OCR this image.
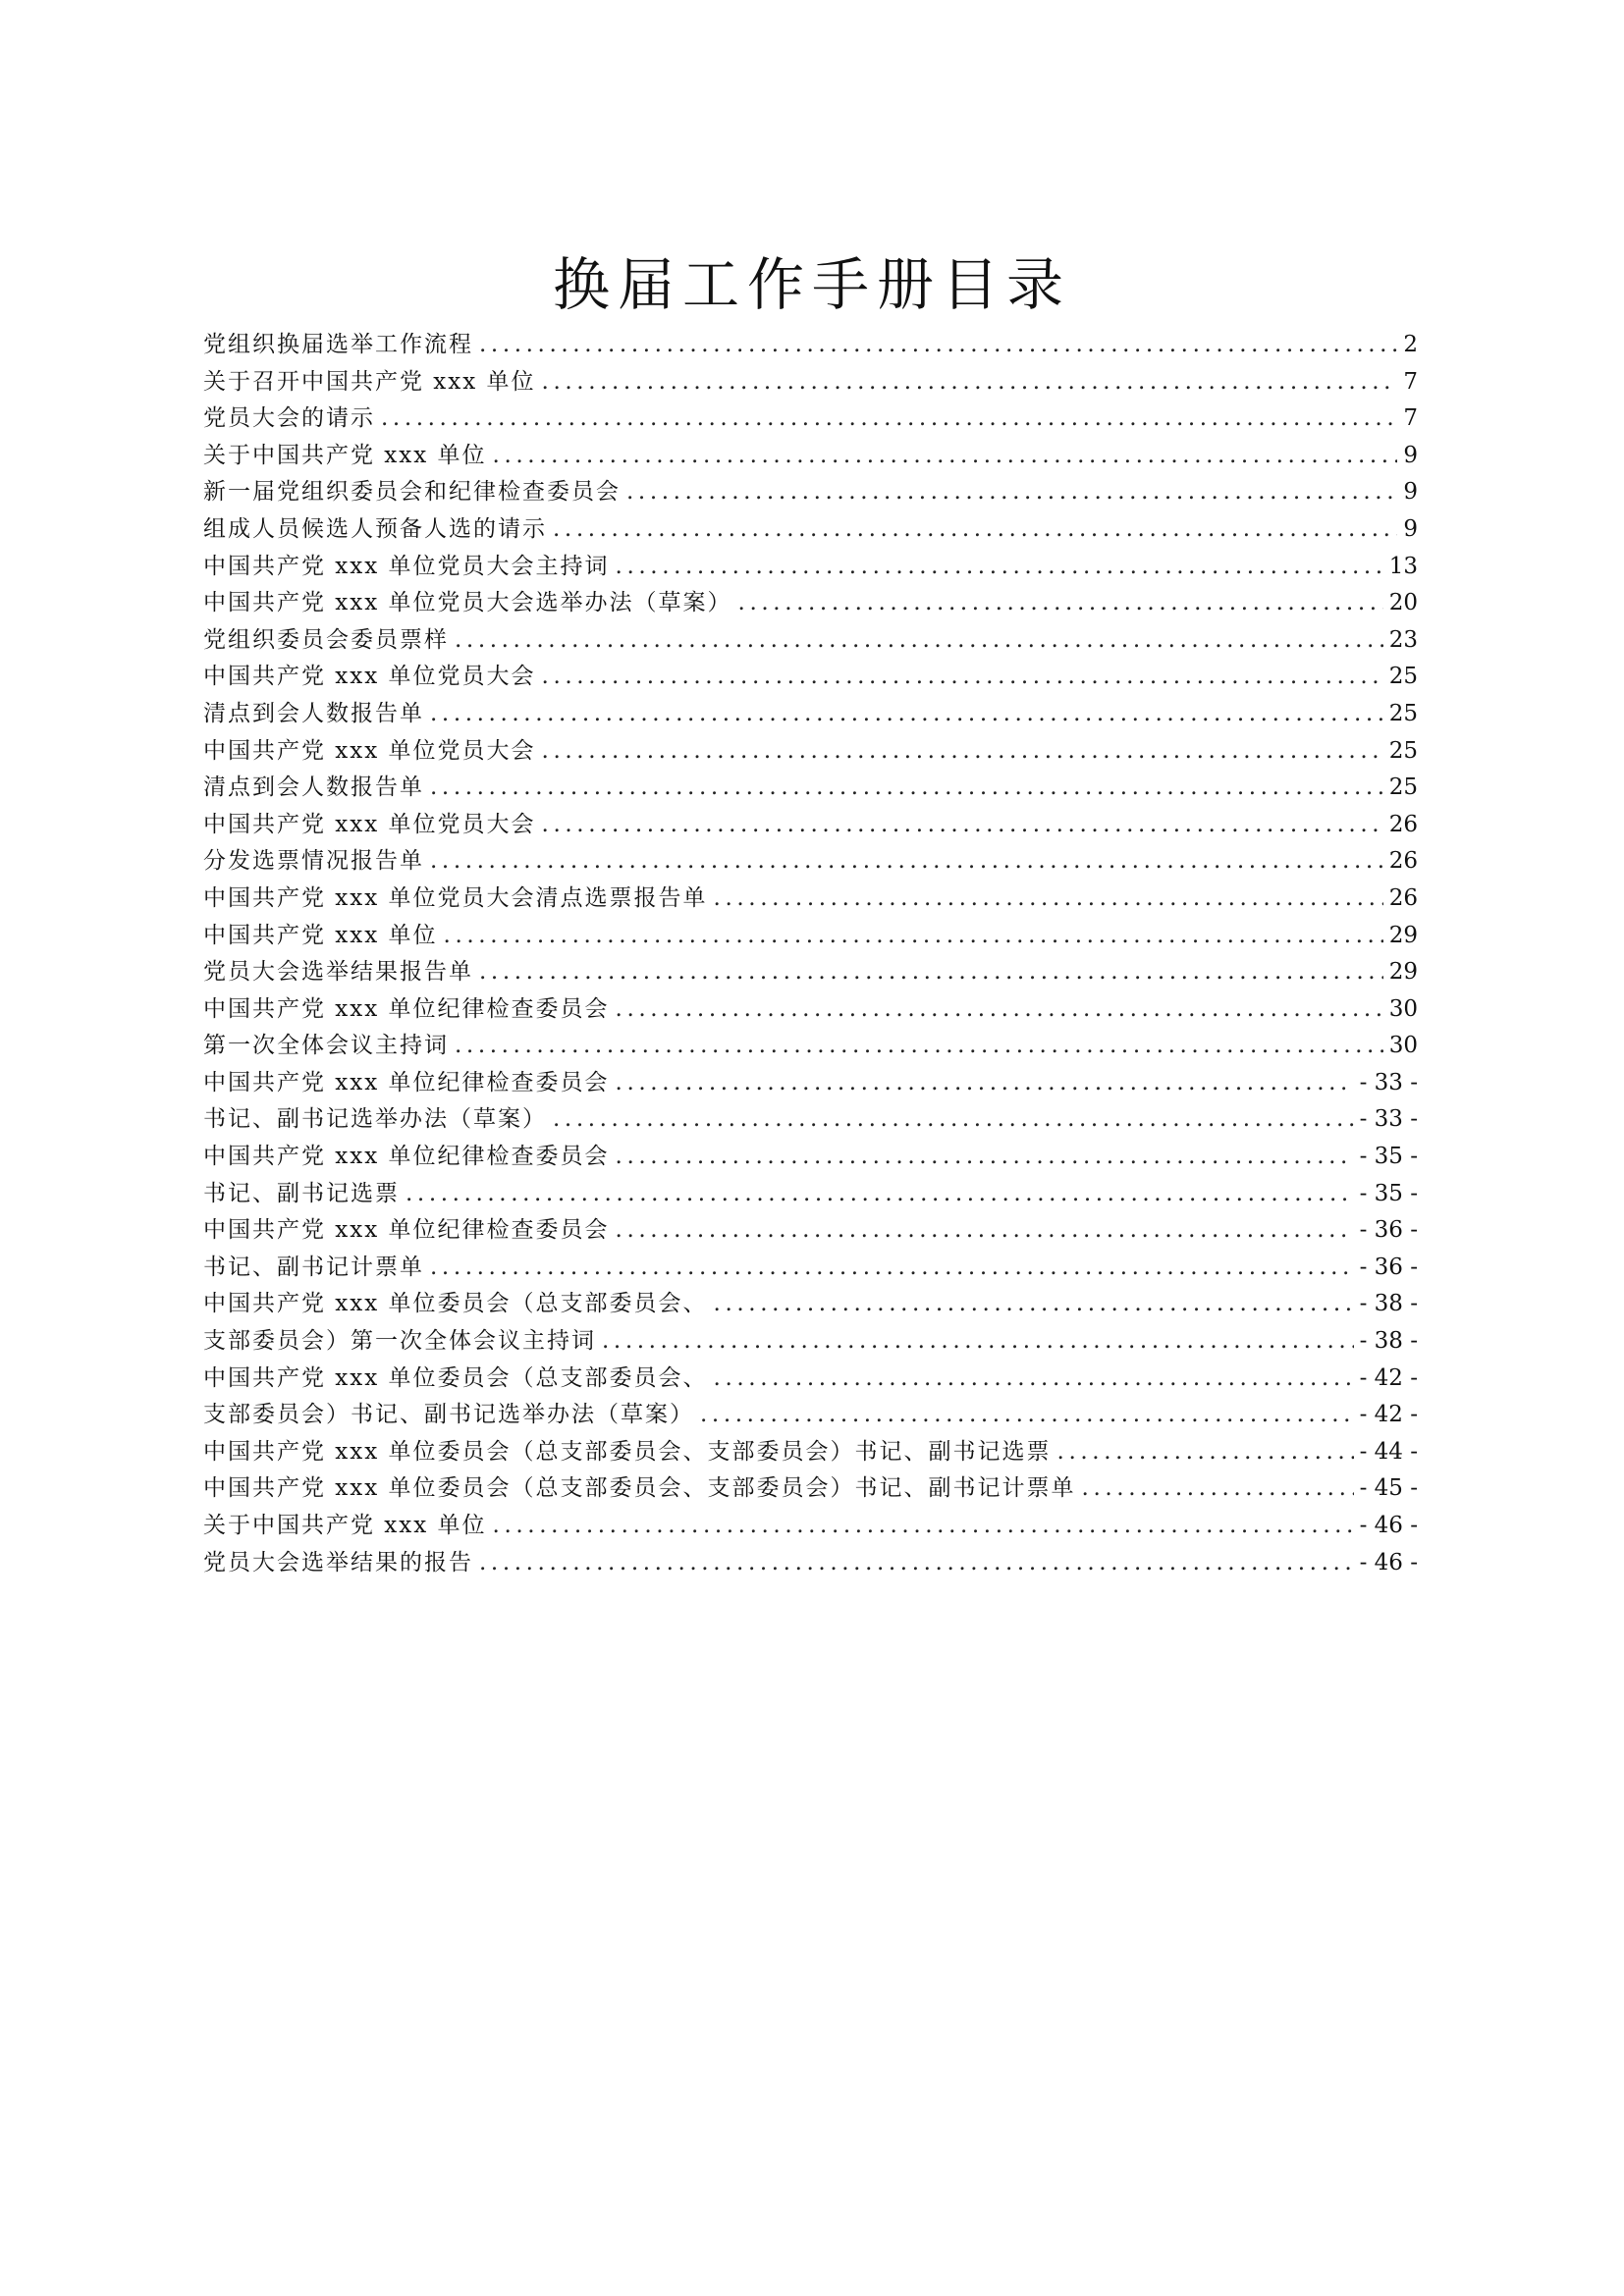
换届工作手册目录
党组织换届选举工作流程 .....	2
关于召开中国共产党 xxx 单位 .....	7
党员大会的请示 .....	7
关于中国共产党 xxx 单位 .....	9
新一届党组织委员会和纪律检查委员会 .....	9
组成人员候选人预备人选的请示 .....	9
中国共产党 xxx 单位党员大会主持词 .....	13
中国共产党 xxx 单位党员大会选举办法（草案） .....	20
党组织委员会委员票样 .....	23
中国共产党 xxx 单位党员大会 .....	25
清点到会人数报告单 .....	25
中国共产党 xxx 单位党员大会 .....	25
清点到会人数报告单 .....	25
中国共产党 xxx 单位党员大会 .....	26
分发选票情况报告单 .....	26
中国共产党 xxx 单位党员大会清点选票报告单 .....	26
中国共产党 xxx 单位 .....	29
党员大会选举结果报告单 .....	29
中国共产党 xxx 单位纪律检查委员会 .....	30
第一次全体会议主持词 .....	30
中国共产党 xxx 单位纪律检查委员会 .....	- 33 -
书记、副书记选举办法（草案） .....	- 33 -
中国共产党 xxx 单位纪律检查委员会 .....	- 35 -
书记、副书记选票 .....	- 35 -
中国共产党 xxx 单位纪律检查委员会 .....	- 36 -
书记、副书记计票单 .....	- 36 -
中国共产党 xxx 单位委员会（总支部委员会、 .....	- 38 -
支部委员会）第一次全体会议主持词 .....	- 38 -
中国共产党 xxx 单位委员会（总支部委员会、 .....	- 42 -
支部委员会）书记、副书记选举办法（草案） .....	- 42 -
中国共产党 xxx 单位委员会（总支部委员会、支部委员会）书记、副书记选票 .....	- 44 -
中国共产党 xxx 单位委员会（总支部委员会、支部委员会）书记、副书记计票单 .....	- 45 -
关于中国共产党 xxx 单位 .....	- 46 -
党员大会选举结果的报告 .....	- 46 -
